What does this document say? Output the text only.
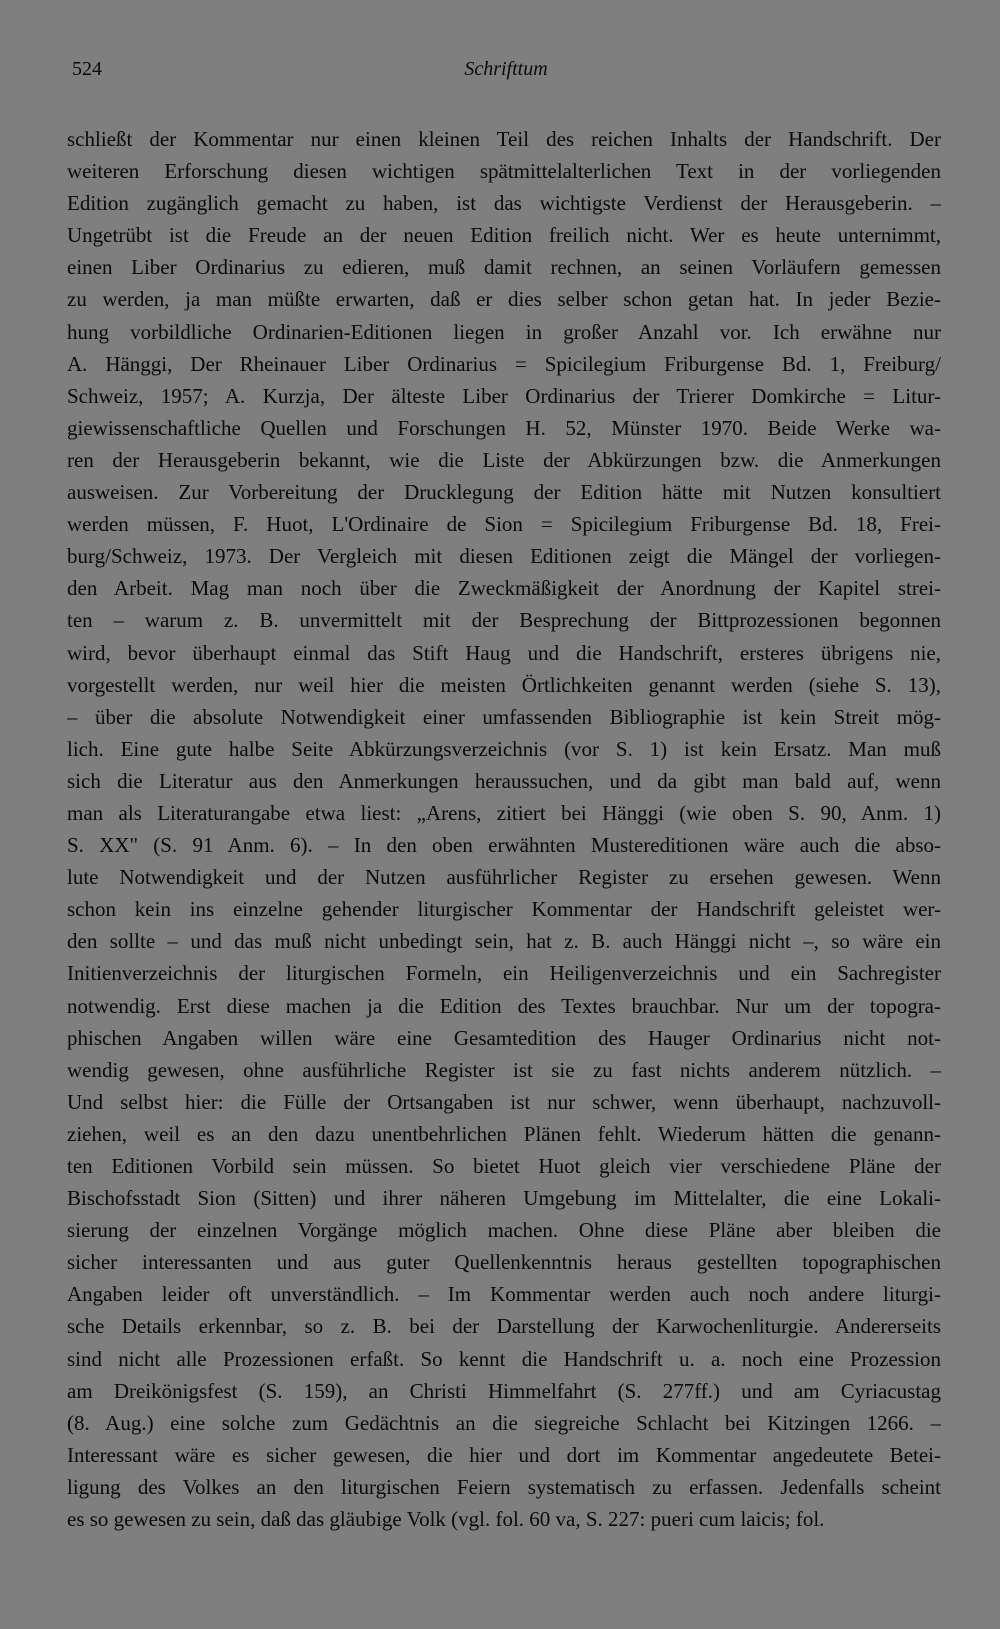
524	Schrifttum
schließt der Kommentar nur einen kleinen Teil des reichen Inhalts der Handschrift. Der
weiteren Erforschung diesen wichtigen spätmittelalterlichen Text in der vorliegenden
Edition zugänglich gemacht zu haben, ist das wichtigste Verdienst der Herausgeberin. –
Ungetrübt ist die Freude an der neuen Edition freilich nicht. Wer es heute unternimmt,
einen Liber Ordinarius zu edieren, muß damit rechnen, an seinen Vorläufern gemessen
zu werden, ja man müßte erwarten, daß er dies selber schon getan hat. In jeder Bezie-
hung vorbildliche Ordinarien-Editionen liegen in großer Anzahl vor. Ich erwähne nur
A. Hänggi, Der Rheinauer Liber Ordinarius = Spicilegium Friburgense Bd. 1, Freiburg/
Schweiz, 1957; A. Kurzja, Der älteste Liber Ordinarius der Trierer Domkirche = Litur-
giewissenschaftliche Quellen und Forschungen H. 52, Münster 1970. Beide Werke wa-
ren der Herausgeberin bekannt, wie die Liste der Abkürzungen bzw. die Anmerkungen
ausweisen. Zur Vorbereitung der Drucklegung der Edition hätte mit Nutzen konsultiert
werden müssen, F. Huot, L'Ordinaire de Sion = Spicilegium Friburgense Bd. 18, Frei-
burg/Schweiz, 1973. Der Vergleich mit diesen Editionen zeigt die Mängel der vorliegen-
den Arbeit. Mag man noch über die Zweckmäßigkeit der Anordnung der Kapitel strei-
ten – warum z. B. unvermittelt mit der Besprechung der Bittprozessionen begonnen
wird, bevor überhaupt einmal das Stift Haug und die Handschrift, ersteres übrigens nie,
vorgestellt werden, nur weil hier die meisten Örtlichkeiten genannt werden (siehe S. 13),
– über die absolute Notwendigkeit einer umfassenden Bibliographie ist kein Streit mög-
lich. Eine gute halbe Seite Abkürzungsverzeichnis (vor S. 1) ist kein Ersatz. Man muß
sich die Literatur aus den Anmerkungen heraussuchen, und da gibt man bald auf, wenn
man als Literaturangabe etwa liest: „Arens, zitiert bei Hänggi (wie oben S. 90, Anm. 1)
S. XX" (S. 91 Anm. 6). – In den oben erwähnten Mustereditionen wäre auch die abso-
lute Notwendigkeit und der Nutzen ausführlicher Register zu ersehen gewesen. Wenn
schon kein ins einzelne gehender liturgischer Kommentar der Handschrift geleistet wer-
den sollte – und das muß nicht unbedingt sein, hat z. B. auch Hänggi nicht –, so wäre ein
Initienverzeichnis der liturgischen Formeln, ein Heiligenverzeichnis und ein Sachregister
notwendig. Erst diese machen ja die Edition des Textes brauchbar. Nur um der topogra-
phischen Angaben willen wäre eine Gesamtedition des Hauger Ordinarius nicht not-
wendig gewesen, ohne ausführliche Register ist sie zu fast nichts anderem nützlich. –
Und selbst hier: die Fülle der Ortsangaben ist nur schwer, wenn überhaupt, nachzuvoll-
ziehen, weil es an den dazu unentbehrlichen Plänen fehlt. Wiederum hätten die genann-
ten Editionen Vorbild sein müssen. So bietet Huot gleich vier verschiedene Pläne der
Bischofsstadt Sion (Sitten) und ihrer näheren Umgebung im Mittelalter, die eine Lokali-
sierung der einzelnen Vorgänge möglich machen. Ohne diese Pläne aber bleiben die
sicher interessanten und aus guter Quellenkenntnis heraus gestellten topographischen
Angaben leider oft unverständlich. – Im Kommentar werden auch noch andere liturgi-
sche Details erkennbar, so z. B. bei der Darstellung der Karwochenliturgie. Andererseits
sind nicht alle Prozessionen erfaßt. So kennt die Handschrift u. a. noch eine Prozession
am Dreikönigsfest (S. 159), an Christi Himmelfahrt (S. 277ff.) und am Cyriacustag
(8. Aug.) eine solche zum Gedächtnis an die siegreiche Schlacht bei Kitzingen 1266. –
Interessant wäre es sicher gewesen, die hier und dort im Kommentar angedeutete Betei-
ligung des Volkes an den liturgischen Feiern systematisch zu erfassen. Jedenfalls scheint
es so gewesen zu sein, daß das gläubige Volk (vgl. fol. 60 va, S. 227: pueri cum laicis; fol.
